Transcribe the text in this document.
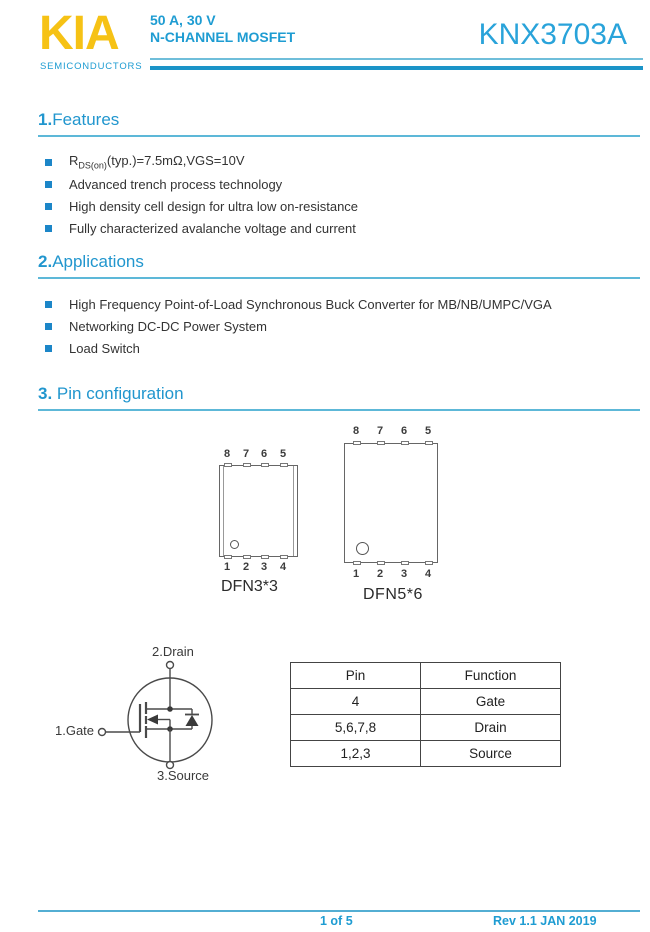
KIA
SEMICONDUCTORS
50 A, 30 V
N-CHANNEL MOSFET	KNX3703A
1.Features
$R_{DS(on)}(typ.)=7.5m\Omega,VGS=10V$
Advanced trench process technology
High density cell design for ultra low on-resistance
Fully characterized avalanche voltage and current
2.Applications
High Frequency Point-of-Load Synchronous Buck Converter for MB/NB/UMPC/VGA
Networking DC-DC Power System
Load Switch
3. Pin configuration
8	7	6	5
1	2	3	4
DFN3*3
8	7	6	5
1	2	3	4
DFN5*6
2.Drain
1.Gate
3.Source
Pin	Function
4	Gate
5,6,7,8	Drain
1,2,3	Source
1 of 5	Rev 1.1 JAN 2019
